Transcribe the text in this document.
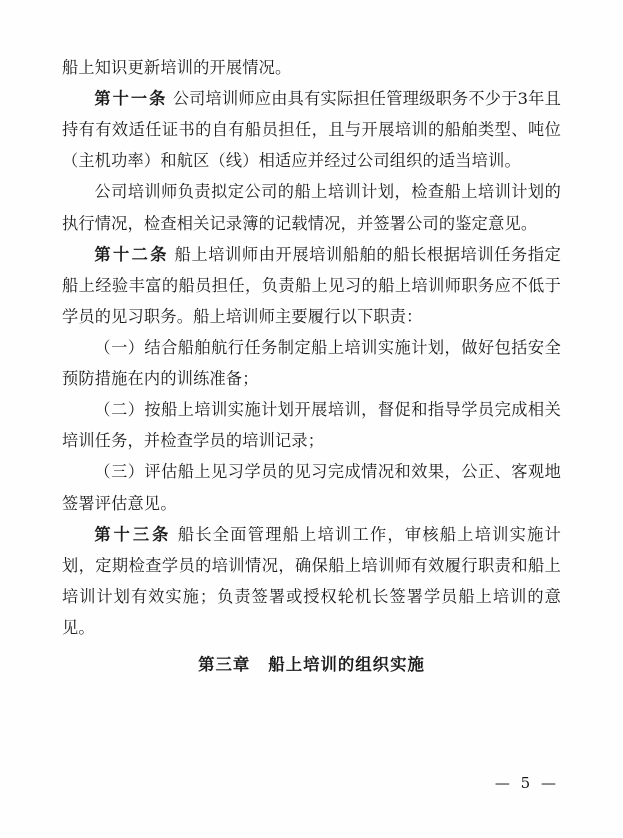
船上知识更新培训的开展情况。

第十一条 公司培训师应由具有实际担任管理级职务不少于3年且持有有效适任证书的自有船员担任，且与开展培训的船舶类型、吨位（主机功率）和航区（线）相适应并经过公司组织的适当培训。

公司培训师负责拟定公司的船上培训计划，检查船上培训计划的执行情况，检查相关记录簿的记载情况，并签署公司的鉴定意见。

第十二条 船上培训师由开展培训船舶的船长根据培训任务指定船上经验丰富的船员担任，负责船上见习的船上培训师职务应不低于学员的见习职务。船上培训师主要履行以下职责：

（一）结合船舶航行任务制定船上培训实施计划，做好包括安全预防措施在内的训练准备；

（二）按船上培训实施计划开展培训，督促和指导学员完成相关培训任务，并检查学员的培训记录；

（三）评估船上见习学员的见习完成情况和效果，公正、客观地签署评估意见。

第十三条 船长全面管理船上培训工作，审核船上培训实施计划，定期检查学员的培训情况，确保船上培训师有效履行职责和船上培训计划有效实施；负责签署或授权轮机长签署学员船上培训的意见。

第三章 船上培训的组织实施

— 5 —
